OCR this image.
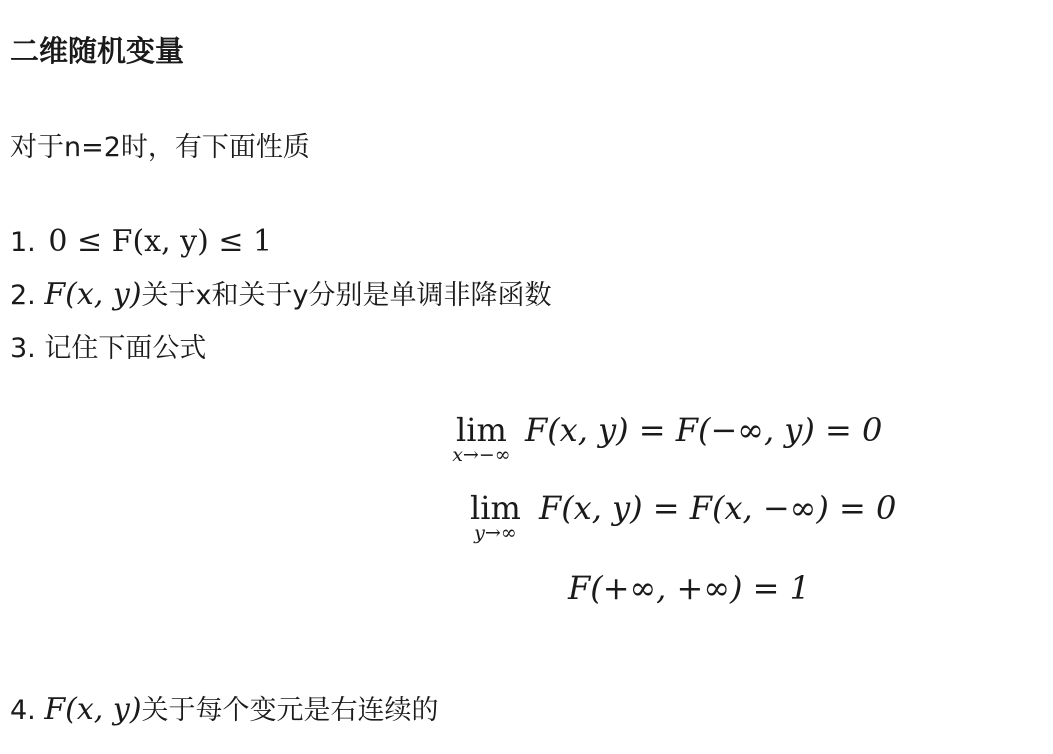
二维随机变量
对于n=2时，有下面性质
1. 0 ≤ F(x, y) ≤ 1
2. F(x, y)关于x和关于y分别是单调非降函数
3. 记住下面公式
lim
x→−∞
F(x, y) = F(−∞, y) = 0
lim
y→∞
F(x, y) = F(x, −∞) = 0
F(+∞, +∞) = 1
4. F(x, y)关于每个变元是右连续的
